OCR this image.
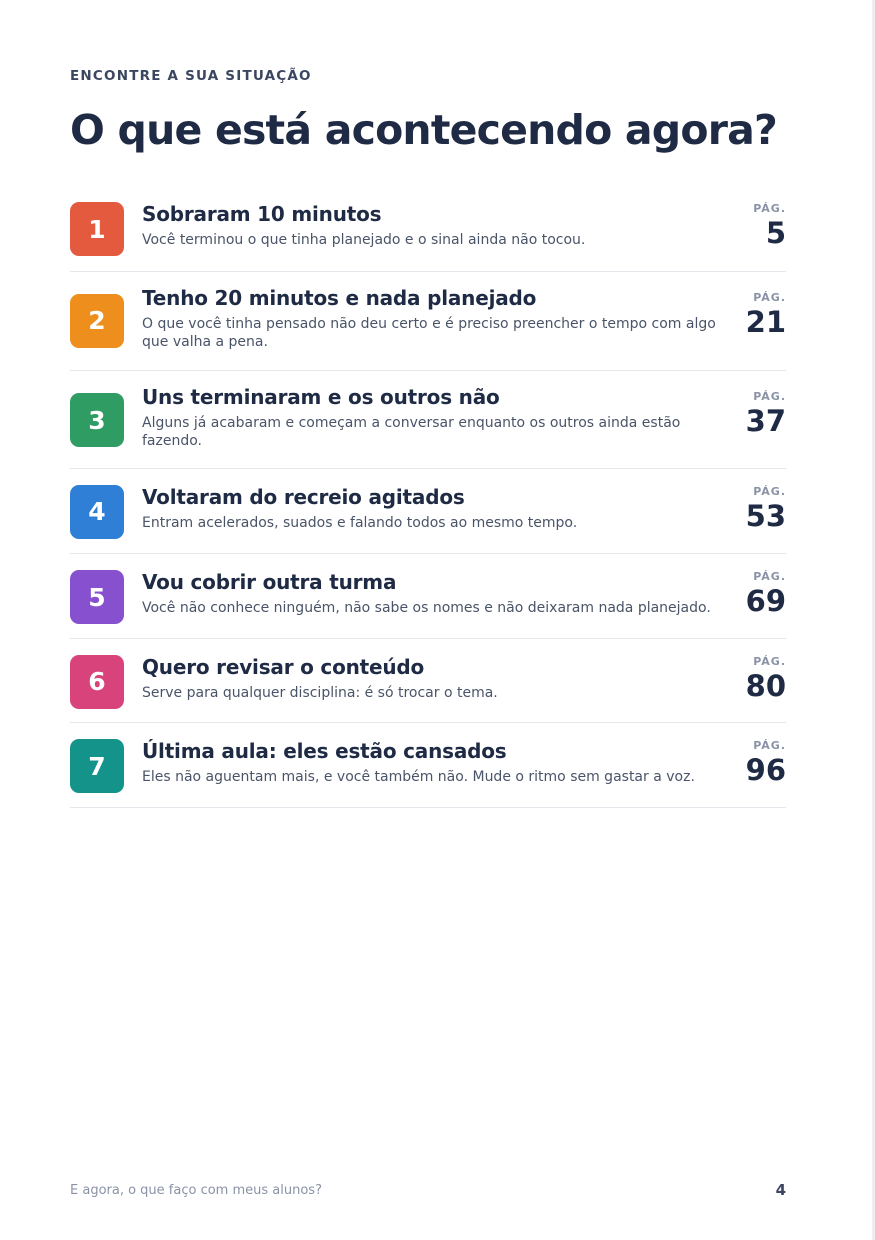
ENCONTRE A SUA SITUAÇÃO
O que está acontecendo agora?
1
Sobraram 10 minutos
Você terminou o que tinha planejado e o sinal ainda não tocou.
PÁG.
5
2
Tenho 20 minutos e nada planejado
O que você tinha pensado não deu certo e é preciso preencher o tempo com algo que valha a pena.
PÁG.
21
3
Uns terminaram e os outros não
Alguns já acabaram e começam a conversar enquanto os outros ainda estão fazendo.
PÁG.
37
4
Voltaram do recreio agitados
Entram acelerados, suados e falando todos ao mesmo tempo.
PÁG.
53
5
Vou cobrir outra turma
Você não conhece ninguém, não sabe os nomes e não deixaram nada planejado.
PÁG.
69
6
Quero revisar o conteúdo
Serve para qualquer disciplina: é só trocar o tema.
PÁG.
80
7
Última aula: eles estão cansados
Eles não aguentam mais, e você também não. Mude o ritmo sem gastar a voz.
PÁG.
96
E agora, o que faço com meus alunos?	4
